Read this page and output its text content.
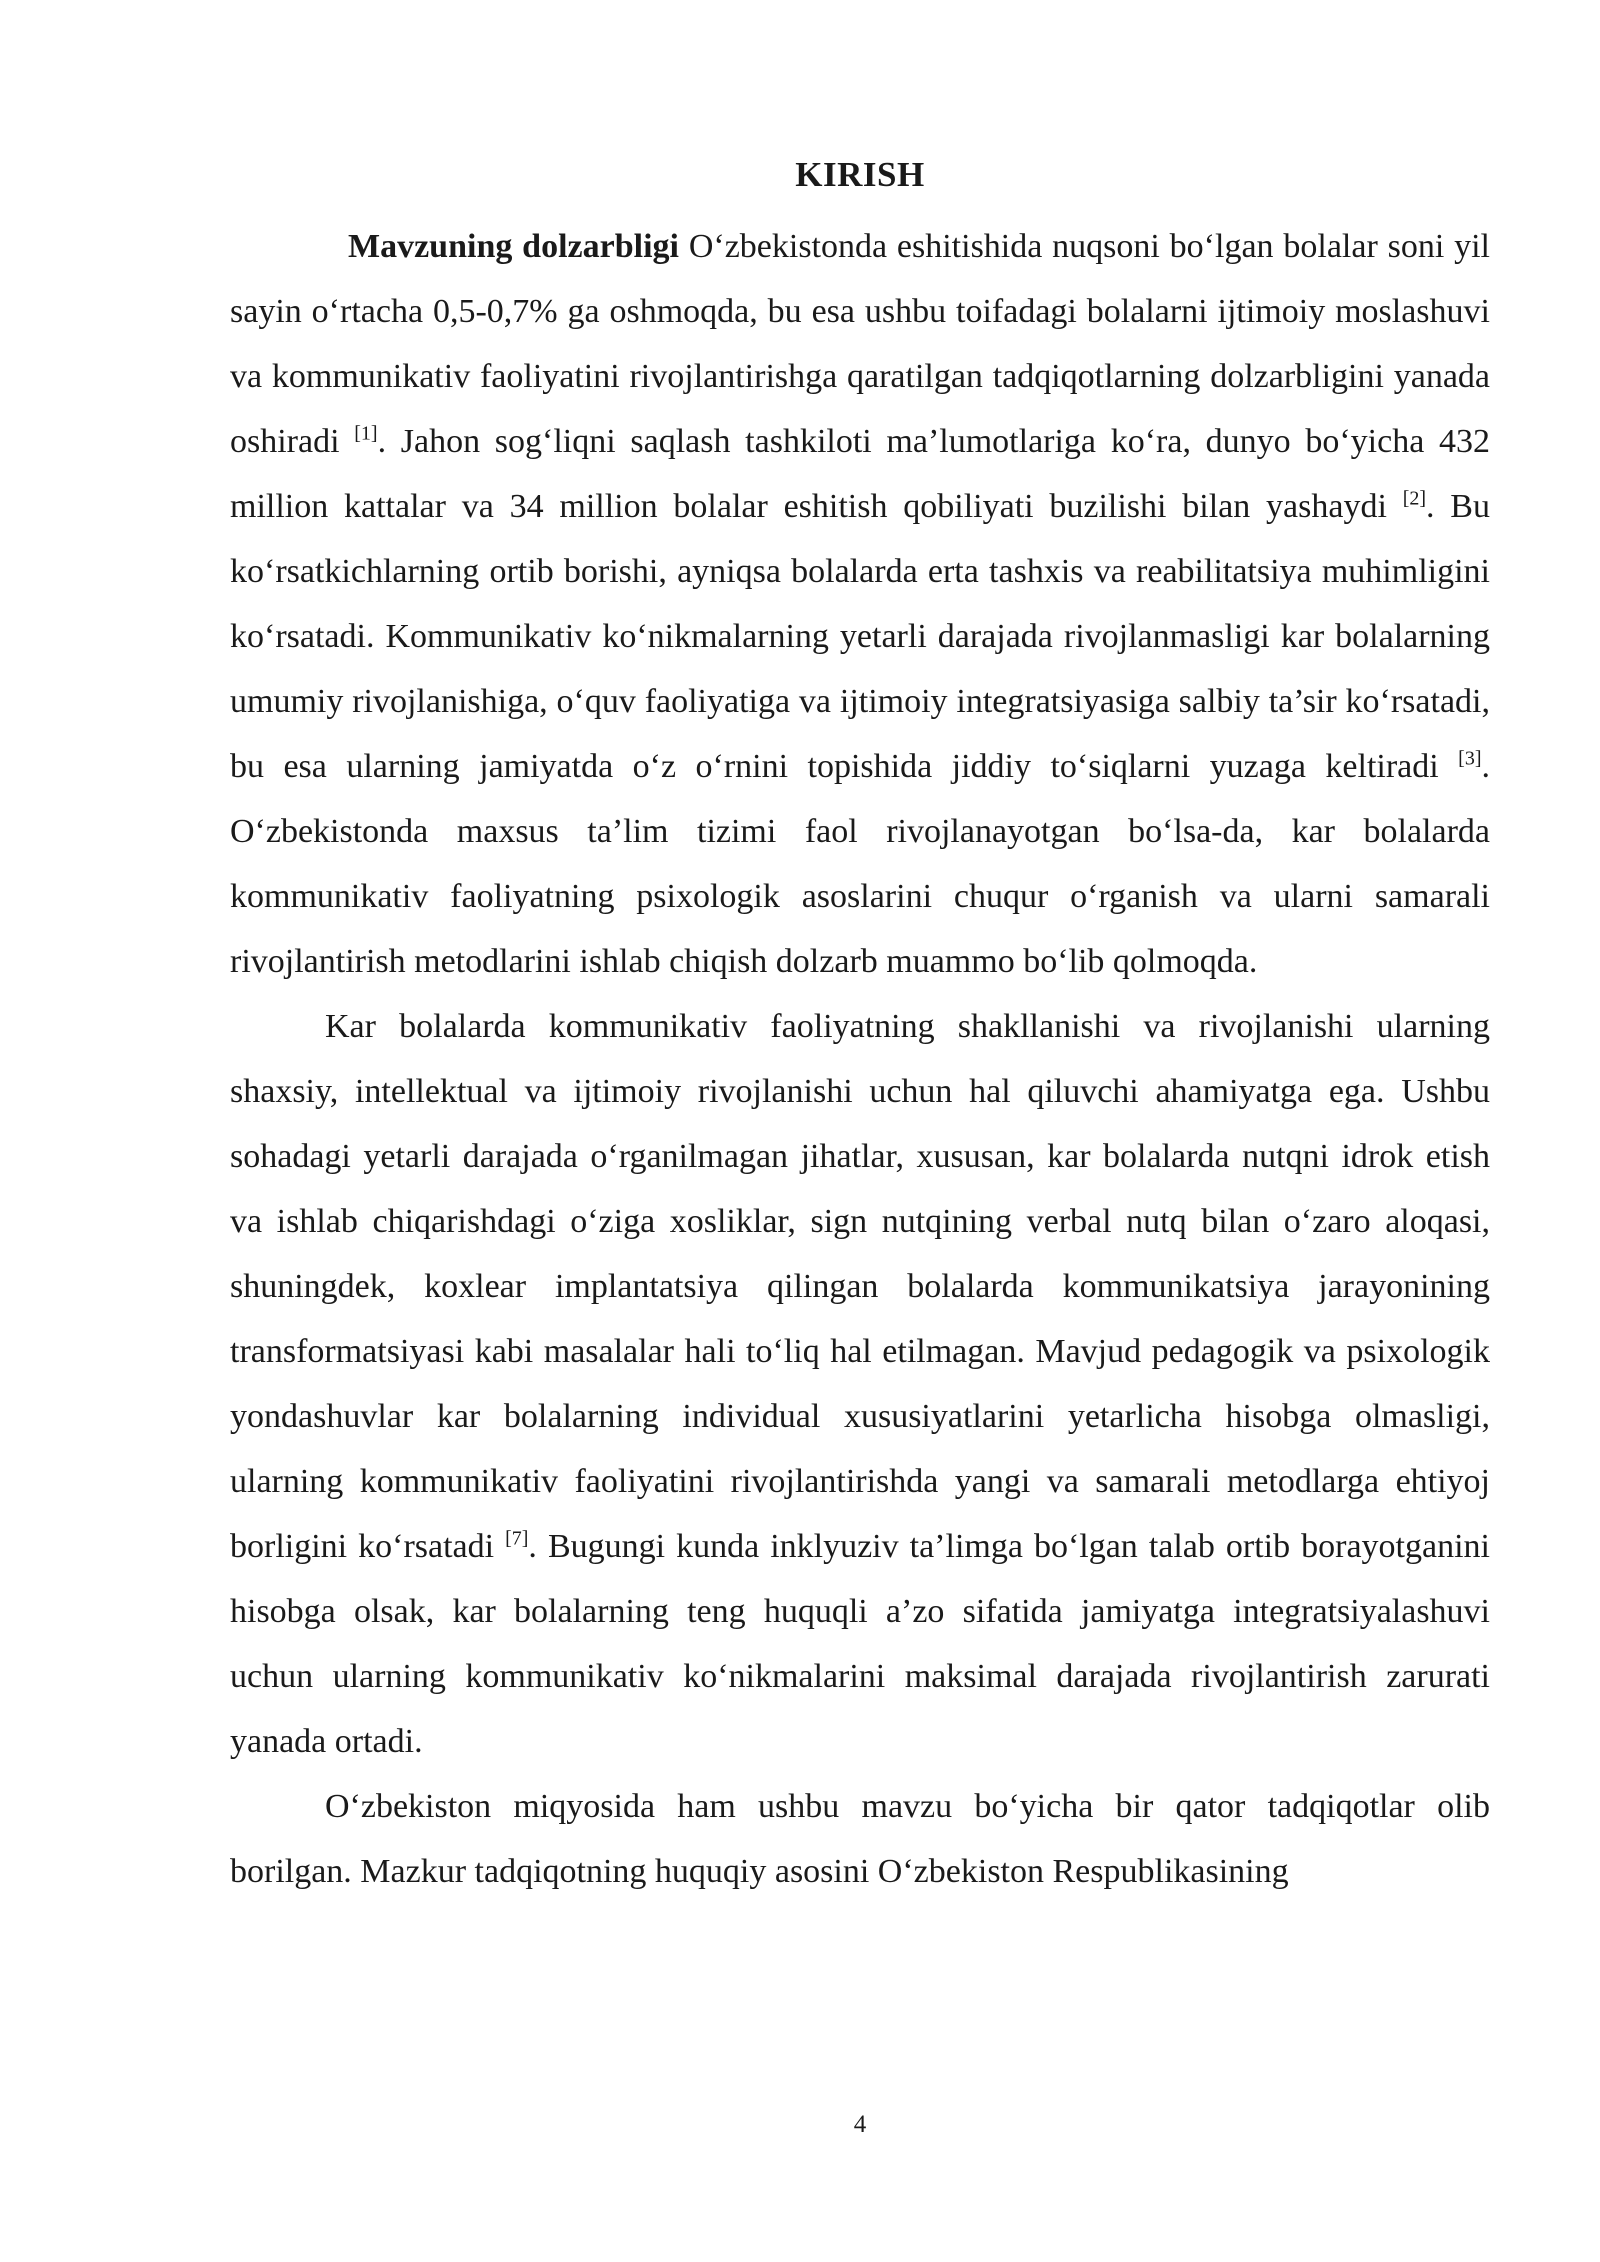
KIRISH

Mavzuning dolzarbligi O‘zbekistonda eshitishida nuqsoni bo‘lgan bolalar soni yil sayin o‘rtacha 0,5-0,7% ga oshmoqda, bu esa ushbu toifadagi bolalarni ijtimoiy moslashuvi va kommunikativ faoliyatini rivojlantirishga qaratilgan tadqiqotlarning dolzarbligini yanada oshiradi [1]. Jahon sog‘liqni saqlash tashkiloti ma’lumotlariga ko‘ra, dunyo bo‘yicha 432 million kattalar va 34 million bolalar eshitish qobiliyati buzilishi bilan yashaydi [2]. Bu ko‘rsatkichlarning ortib borishi, ayniqsa bolalarda erta tashxis va reabilitatsiya muhimligini ko‘rsatadi. Kommunikativ ko‘nikmalarning yetarli darajada rivojlanmasligi kar bolalarning umumiy rivojlanishiga, o‘quv faoliyatiga va ijtimoiy integratsiyasiga salbiy ta’sir ko‘rsatadi, bu esa ularning jamiyatda o‘z o‘rnini topishida jiddiy to‘siqlarni yuzaga keltiradi [3]. O‘zbekistonda maxsus ta’lim tizimi faol rivojlanayotgan bo‘lsa-da, kar bolalarda kommunikativ faoliyatning psixologik asoslarini chuqur o‘rganish va ularni samarali rivojlantirish metodlarini ishlab chiqish dolzarb muammo bo‘lib qolmoqda.

Kar bolalarda kommunikativ faoliyatning shakllanishi va rivojlanishi ularning shaxsiy, intellektual va ijtimoiy rivojlanishi uchun hal qiluvchi ahamiyatga ega. Ushbu sohadagi yetarli darajada o‘rganilmagan jihatlar, xususan, kar bolalarda nutqni idrok etish va ishlab chiqarishdagi o‘ziga xosliklar, sign nutqining verbal nutq bilan o‘zaro aloqasi, shuningdek, koxlear implantatsiya qilingan bolalarda kommunikatsiya jarayonining transformatsiyasi kabi masalalar hali to‘liq hal etilmagan. Mavjud pedagogik va psixologik yondashuvlar kar bolalarning individual xususiyatlarini yetarlicha hisobga olmasligi, ularning kommunikativ faoliyatini rivojlantirishda yangi va samarali metodlarga ehtiyoj borligini ko‘rsatadi [7]. Bugungi kunda inklyuziv ta’limga bo‘lgan talab ortib borayotganini hisobga olsak, kar bolalarning teng huquqli a’zo sifatida jamiyatga integratsiyalashuvi uchun ularning kommunikativ ko‘nikmalarini maksimal darajada rivojlantirish zarurati yanada ortadi.

O‘zbekiston miqyosida ham ushbu mavzu bo‘yicha bir qator tadqiqotlar olib borilgan. Mazkur tadqiqotning huquqiy asosini O‘zbekiston Respublikasining

4
